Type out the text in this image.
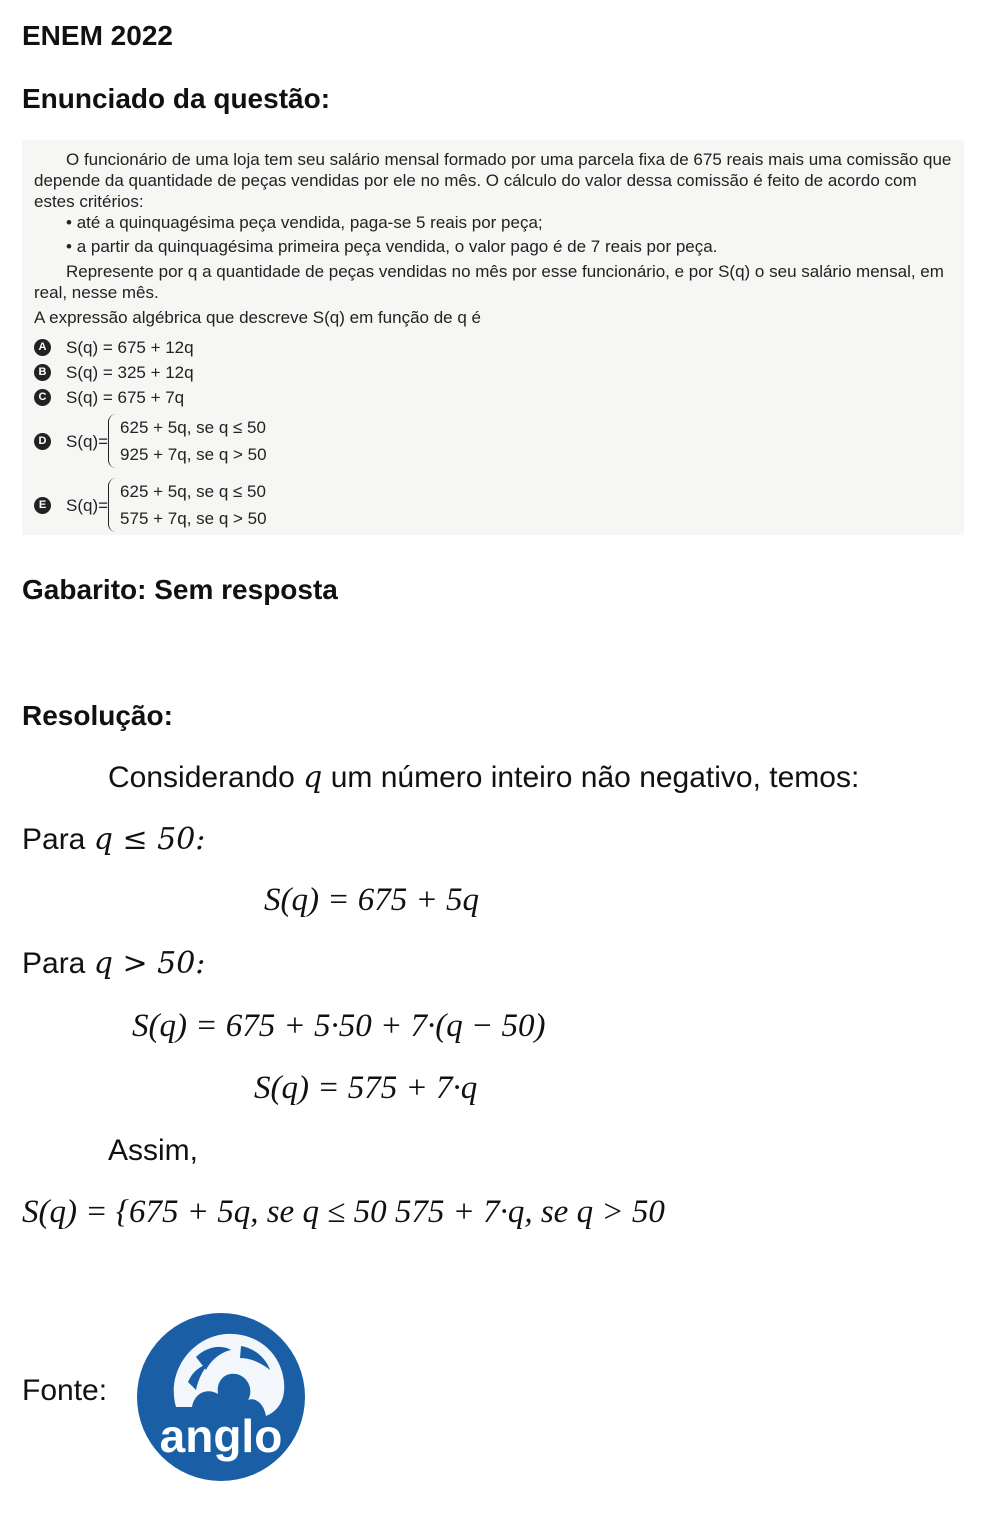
ENEM 2022
Enunciado da questão:

O funcionário de uma loja tem seu salário mensal formado por uma parcela fixa de 675 reais mais uma comissão que depende da quantidade de peças vendidas por ele no mês. O cálculo do valor dessa comissão é feito de acordo com estes critérios:

• até a quinquagésima peça vendida, paga-se 5 reais por peça;

• a partir da quinquagésima primeira peça vendida, o valor pago é de 7 reais por peça.

Represente por q a quantidade de peças vendidas no mês por esse funcionário, e por S(q) o seu salário mensal, em real, nesse mês.

A expressão algébrica que descreve S(q) em função de q é

A S(q) = 675 + 12q
B S(q) = 325 + 12q
C S(q) = 675 + 7q
D S(q)=
625 + 5q, se q ≤ 50
925 + 7q, se q > 50
E S(q)=
625 + 5q, se q ≤ 50
575 + 7q, se q > 50
Gabarito: Sem resposta
Resolução:
Considerando q um número inteiro não negativo, temos:
Para q ≤ 50:
S(q) = 675 + 5q
Para q > 50:
S(q) = 675 + 5·50 + 7·(q − 50)
S(q) = 575 + 7·q
Assim,
S(q) = {675 + 5q, se q ≤ 50 575 + 7·q, se q > 50
Fonte:
anglo
